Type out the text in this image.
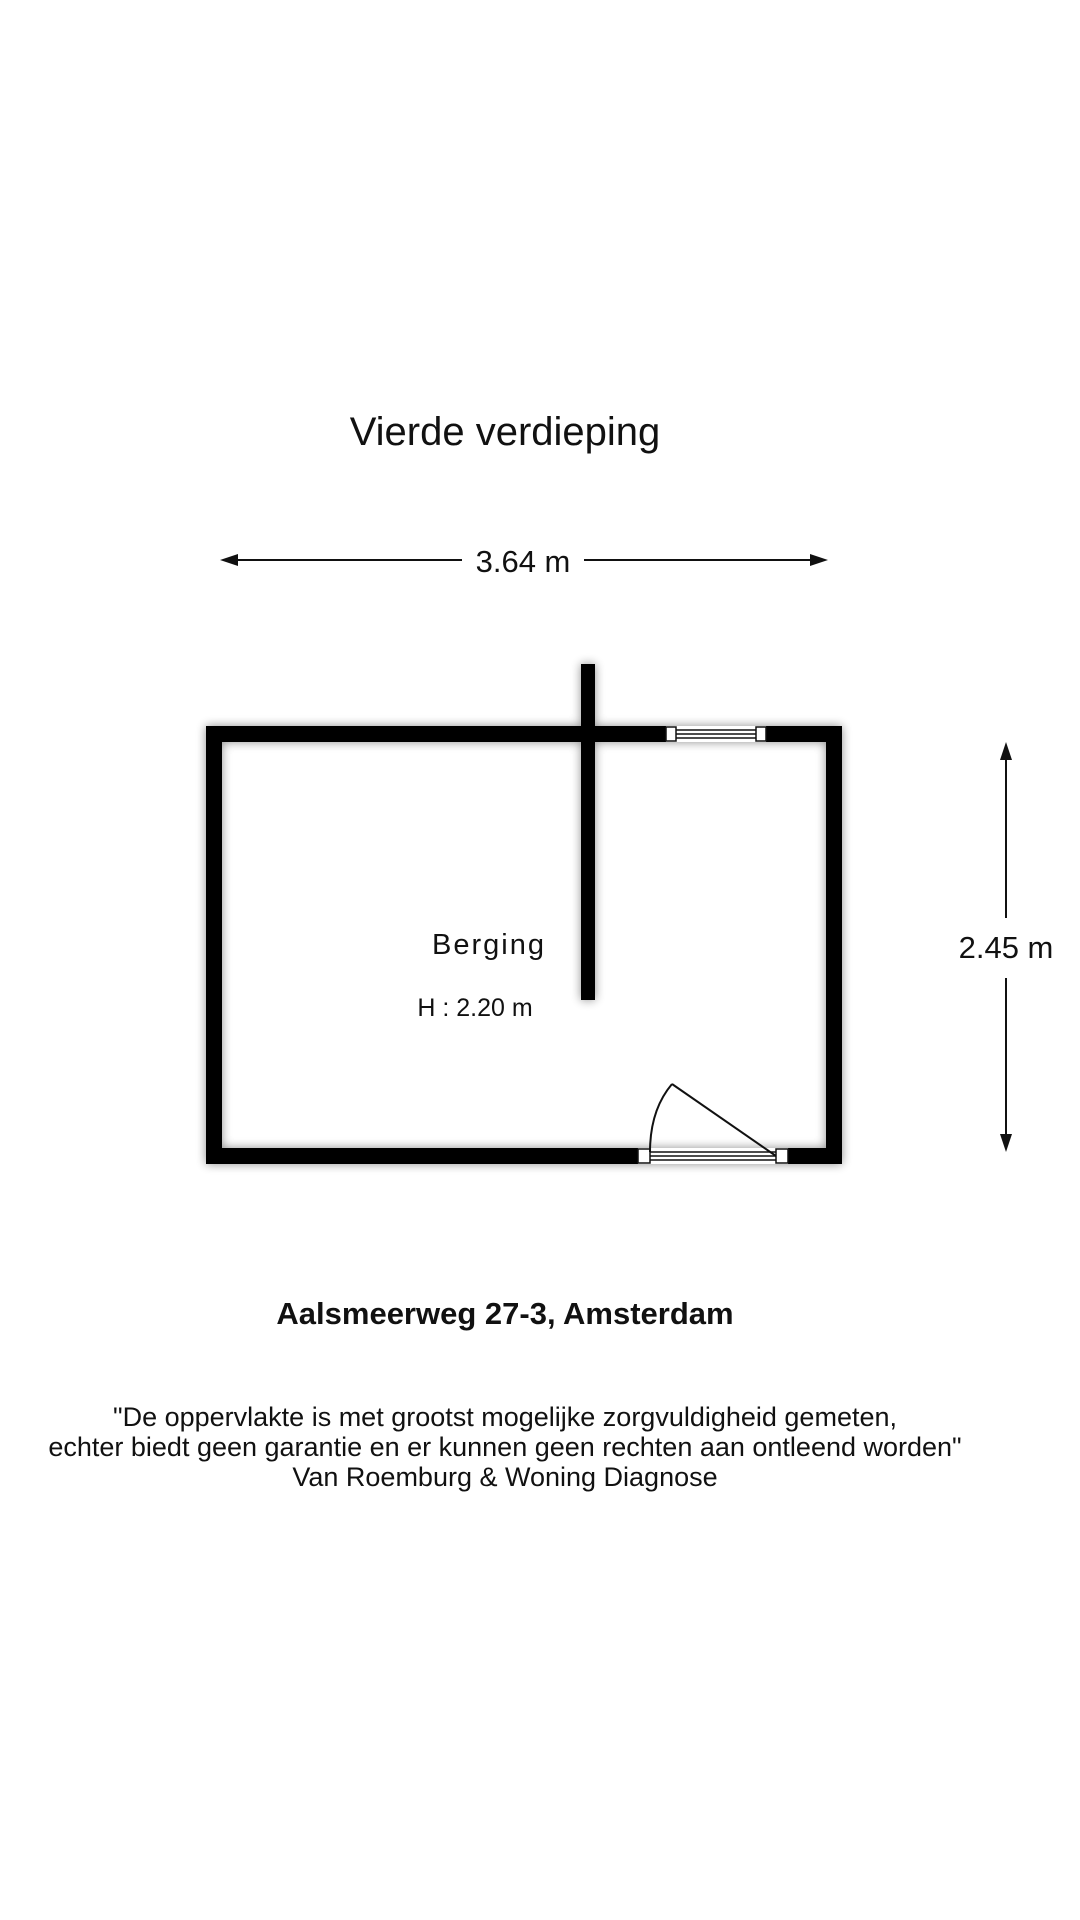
Vierde verdieping
3.64 m
2.45 m
Berging
H : 2.20 m
Aalsmeerweg 27-3, Amsterdam
"De oppervlakte is met grootst mogelijke zorgvuldigheid gemeten,
echter biedt geen garantie en er kunnen geen rechten aan ontleend worden"
Van Roemburg & Woning Diagnose
